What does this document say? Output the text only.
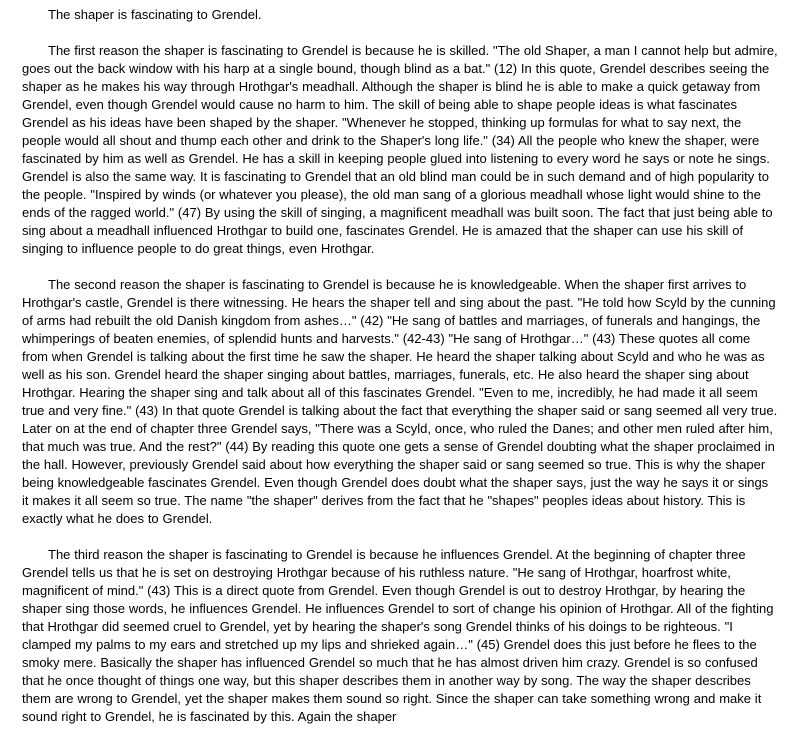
The shaper is fascinating to Grendel.

The first reason the shaper is fascinating to Grendel is because he is skilled. "The old Shaper, a man I cannot help but admire, goes out the back window with his harp at a single bound, though blind as a bat." (12) In this quote, Grendel describes seeing the shaper as he makes his way through Hrothgar's meadhall. Although the shaper is blind he is able to make a quick getaway from Grendel, even though Grendel would cause no harm to him. The skill of being able to shape people ideas is what fascinates Grendel as his ideas have been shaped by the shaper. "Whenever he stopped, thinking up formulas for what to say next, the people would all shout and thump each other and drink to the Shaper's long life." (34) All the people who knew the shaper, were fascinated by him as well as Grendel. He has a skill in keeping people glued into listening to every word he says or note he sings. Grendel is also the same way. It is fascinating to Grendel that an old blind man could be in such demand and of high popularity to the people. "Inspired by winds (or whatever you please), the old man sang of a glorious meadhall whose light would shine to the ends of the ragged world." (47) By using the skill of singing, a magnificent meadhall was built soon. The fact that just being able to sing about a meadhall influenced Hrothgar to build one, fascinates Grendel. He is amazed that the shaper can use his skill of singing to influence people to do great things, even Hrothgar.

The second reason the shaper is fascinating to Grendel is because he is knowledgeable. When the shaper first arrives to Hrothgar's castle, Grendel is there witnessing. He hears the shaper tell and sing about the past. "He told how Scyld by the cunning of arms had rebuilt the old Danish kingdom from ashes…" (42) "He sang of battles and marriages, of funerals and hangings, the whimperings of beaten enemies, of splendid hunts and harvests." (42-43) "He sang of Hrothgar…" (43) These quotes all come from when Grendel is talking about the first time he saw the shaper. He heard the shaper talking about Scyld and who he was as well as his son. Grendel heard the shaper singing about battles, marriages, funerals, etc. He also heard the shaper sing about Hrothgar. Hearing the shaper sing and talk about all of this fascinates Grendel. "Even to me, incredibly, he had made it all seem true and very fine." (43) In that quote Grendel is talking about the fact that everything the shaper said or sang seemed all very true. Later on at the end of chapter three Grendel says, "There was a Scyld, once, who ruled the Danes; and other men ruled after him, that much was true. And the rest?" (44) By reading this quote one gets a sense of Grendel doubting what the shaper proclaimed in the hall. However, previously Grendel said about how everything the shaper said or sang seemed so true. This is why the shaper being knowledgeable fascinates Grendel. Even though Grendel does doubt what the shaper says, just the way he says it or sings it makes it all seem so true. The name "the shaper" derives from the fact that he "shapes" peoples ideas about history. This is exactly what he does to Grendel.

The third reason the shaper is fascinating to Grendel is because he influences Grendel. At the beginning of chapter three Grendel tells us that he is set on destroying Hrothgar because of his ruthless nature. "He sang of Hrothgar, hoarfrost white, magnificent of mind." (43) This is a direct quote from Grendel. Even though Grendel is out to destroy Hrothgar, by hearing the shaper sing those words, he influences Grendel. He influences Grendel to sort of change his opinion of Hrothgar. All of the fighting that Hrothgar did seemed cruel to Grendel, yet by hearing the shaper's song Grendel thinks of his doings to be righteous. "I clamped my palms to my ears and stretched up my lips and shrieked again…" (45) Grendel does this just before he flees to the smoky mere. Basically the shaper has influenced Grendel so much that he has almost driven him crazy. Grendel is so confused that he once thought of things one way, but this shaper describes them in another way by song. The way the shaper describes them are wrong to Grendel, yet the shaper makes them sound so right. Since the shaper can take something wrong and make it sound right to Grendel, he is fascinated by this. Again the shaper
